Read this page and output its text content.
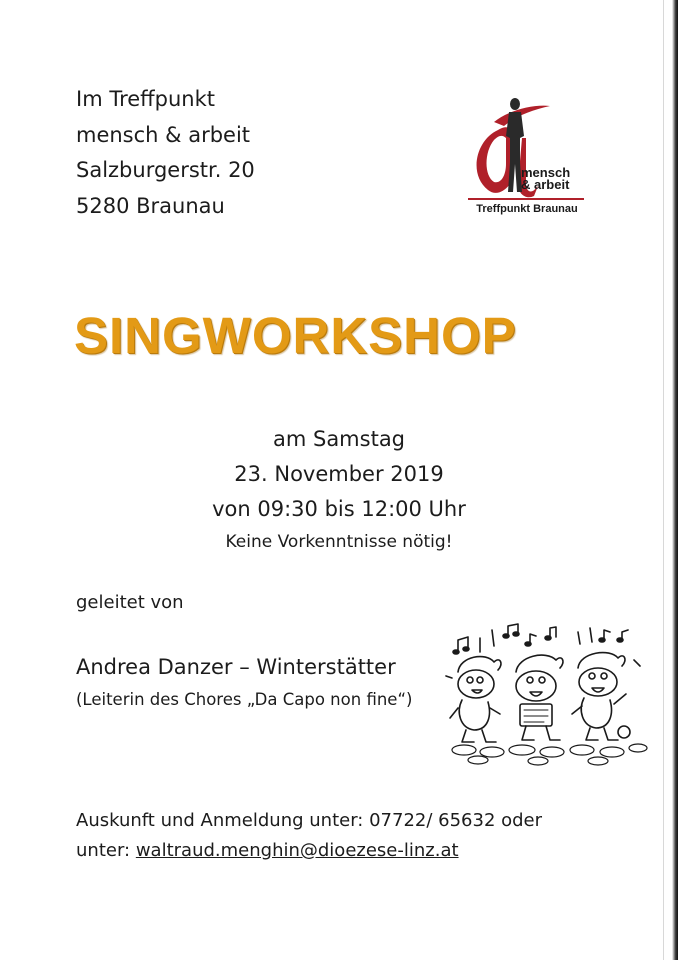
Im Treffpunkt
mensch & arbeit
Salzburgerstr. 20
5280 Braunau
mensch
& arbeit
Treffpunkt Braunau
SINGWORKSHOP
am Samstag
23. November 2019
von 09:30 bis 12:00 Uhr
Keine Vorkenntnisse nötig!
geleitet von
Andrea Danzer – Winterstätter
(Leiterin des Chores „Da Capo non fine“)
Auskunft und Anmeldung unter: 07722/ 65632 oder
unter: waltraud.menghin@dioezese-linz.at
